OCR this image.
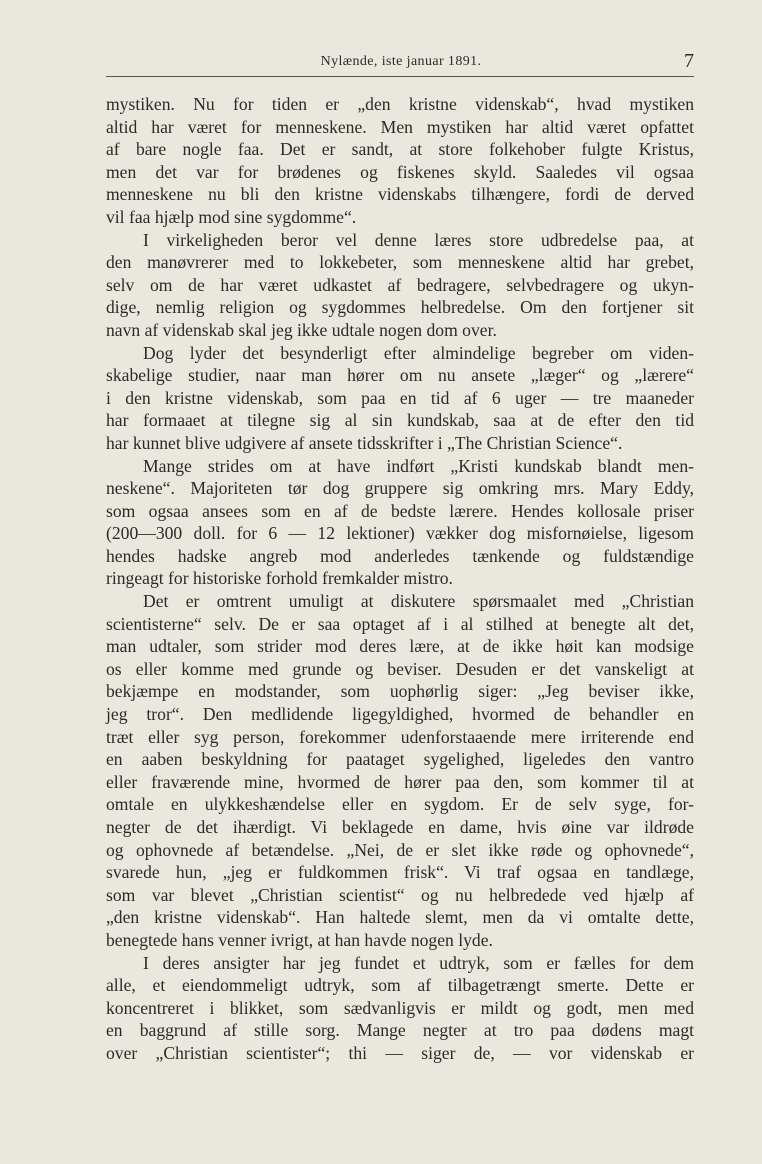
Nylænde, iste januar 1891.	7
mystiken. Nu for tiden er „den kristne videnskab“, hvad mystiken
altid har været for menneskene. Men mystiken har altid været opfattet
af bare nogle faa. Det er sandt, at store folkehober fulgte Kristus,
men det var for brødenes og fiskenes skyld. Saaledes vil ogsaa
menneskene nu bli den kristne videnskabs tilhængere, fordi de derved
vil faa hjælp mod sine sygdomme“.
I virkeligheden beror vel denne læres store udbredelse paa, at
den manøvrerer med to lokkebeter, som menneskene altid har grebet,
selv om de har været udkastet af bedragere, selvbedragere og ukyn-
dige, nemlig religion og sygdommes helbredelse. Om den fortjener sit
navn af videnskab skal jeg ikke udtale nogen dom over.
Dog lyder det besynderligt efter almindelige begreber om viden-
skabelige studier, naar man hører om nu ansete „læger“ og „lærere“
i den kristne videnskab, som paa en tid af 6 uger — tre maaneder
har formaaet at tilegne sig al sin kundskab, saa at de efter den tid
har kunnet blive udgivere af ansete tidsskrifter i „The Christian Science“.
Mange strides om at have indført „Kristi kundskab blandt men-
neskene“. Majoriteten tør dog gruppere sig omkring mrs. Mary Eddy,
som ogsaa ansees som en af de bedste lærere. Hendes kollosale priser
(200—300 doll. for 6 — 12 lektioner) vækker dog misfornøielse, ligesom
hendes hadske angreb mod anderledes tænkende og fuldstændige
ringeagt for historiske forhold fremkalder mistro.
Det er omtrent umuligt at diskutere spørsmaalet med „Christian
scientisterne“ selv. De er saa optaget af i al stilhed at benegte alt det,
man udtaler, som strider mod deres lære, at de ikke høit kan modsige
os eller komme med grunde og beviser. Desuden er det vanskeligt at
bekjæmpe en modstander, som uophørlig siger: „Jeg beviser ikke,
jeg tror“. Den medlidende ligegyldighed, hvormed de behandler en
træt eller syg person, forekommer udenforstaaende mere irriterende end
en aaben beskyldning for paataget sygelighed, ligeledes den vantro
eller fraværende mine, hvormed de hører paa den, som kommer til at
omtale en ulykkeshændelse eller en sygdom. Er de selv syge, for-
negter de det ihærdigt. Vi beklagede en dame, hvis øine var ildrøde
og ophovnede af betændelse. „Nei, de er slet ikke røde og ophovnede“,
svarede hun, „jeg er fuldkommen frisk“. Vi traf ogsaa en tandlæge,
som var blevet „Christian scientist“ og nu helbredede ved hjælp af
„den kristne videnskab“. Han haltede slemt, men da vi omtalte dette,
benegtede hans venner ivrigt, at han havde nogen lyde.
I deres ansigter har jeg fundet et udtryk, som er fælles for dem
alle, et eiendommeligt udtryk, som af tilbagetrængt smerte. Dette er
koncentreret i blikket, som sædvanligvis er mildt og godt, men med
en baggrund af stille sorg. Mange negter at tro paa dødens magt
over „Christian scientister“; thi — siger de, — vor videnskab er
